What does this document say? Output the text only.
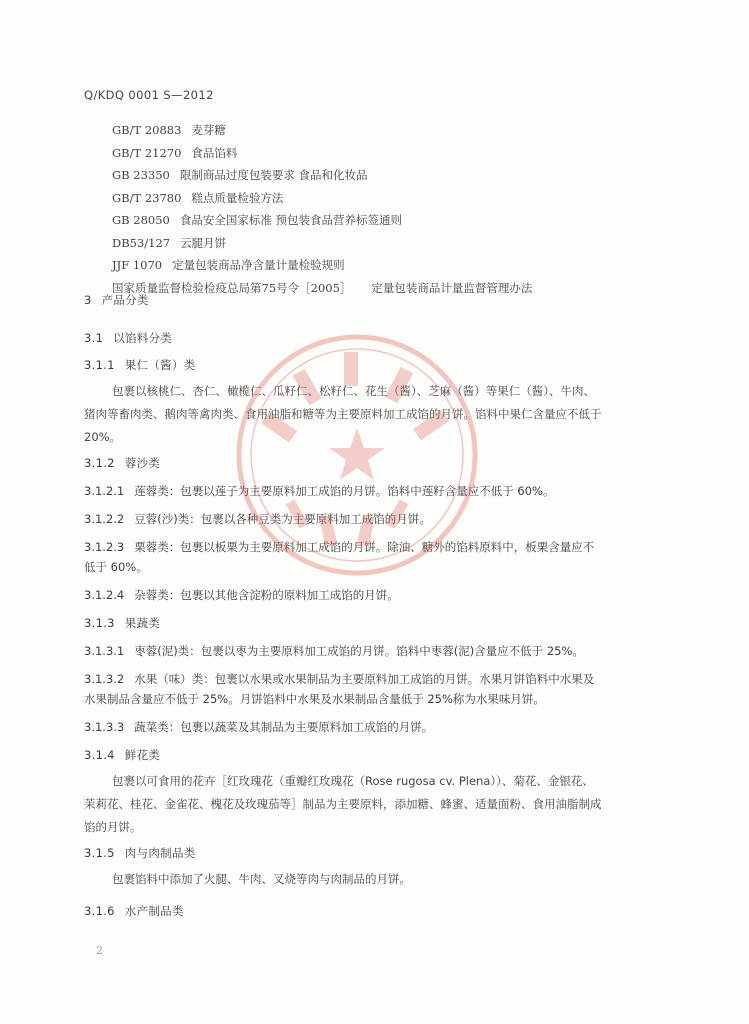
Q/KDQ 0001 S—2012
GB/T 20883 麦芽糖
GB/T 21270 食品馅料
GB 23350 限制商品过度包装要求 食品和化妆品
GB/T 23780 糕点质量检验方法
GB 28050 食品安全国家标准 预包装食品营养标签通则
DB53/127 云腿月饼
JJF 1070 定量包装商品净含量计量检验规则
国家质量监督检验检疫总局第75号令［2005］ 定量包装商品计量监督管理办法
3 产品分类
3.1 以馅料分类
3.1.1 果仁（酱）类
包裹以核桃仁、杏仁、橄榄仁、瓜籽仁、松籽仁、花生（酱）、芝麻（酱）等果仁（酱）、牛肉、
猪肉等畜肉类、鹅肉等禽肉类、食用油脂和糖等为主要原料加工成馅的月饼。馅料中果仁含量应不低于
20%。
3.1.2 蓉沙类
3.1.2.1 莲蓉类：包裹以莲子为主要原料加工成馅的月饼。馅料中莲籽含量应不低于 60%。
3.1.2.2 豆蓉(沙)类：包裹以各种豆类为主要原料加工成馅的月饼。
3.1.2.3 栗蓉类：包裹以板栗为主要原料加工成馅的月饼。除油、糖外的馅料原料中，板栗含量应不
低于 60%。
3.1.2.4 杂蓉类：包裹以其他含淀粉的原料加工成馅的月饼。
3.1.3 果蔬类
3.1.3.1 枣蓉(泥)类：包裹以枣为主要原料加工成馅的月饼。馅料中枣蓉(泥)含量应不低于 25%。
3.1.3.2 水果（味）类：包裹以水果或水果制品为主要原料加工成馅的月饼。水果月饼馅料中水果及
水果制品含量应不低于 25%。月饼馅料中水果及水果制品含量低于 25%称为水果味月饼。
3.1.3.3 蔬菜类：包裹以蔬菜及其制品为主要原料加工成馅的月饼。
3.1.4 鲜花类
包裹以可食用的花卉［红玫瑰花（重瓣红玫瑰花（Rose rugosa cv. Plena））、菊花、金银花、
茉莉花、桂花、金雀花、槐花及玫瑰茄等］制品为主要原料，添加糖、蜂蜜、适量面粉、食用油脂制成
馅的月饼。
3.1.5 肉与肉制品类
包裹馅料中添加了火腿、牛肉、叉烧等肉与肉制品的月饼。
3.1.6 水产制品类
2
